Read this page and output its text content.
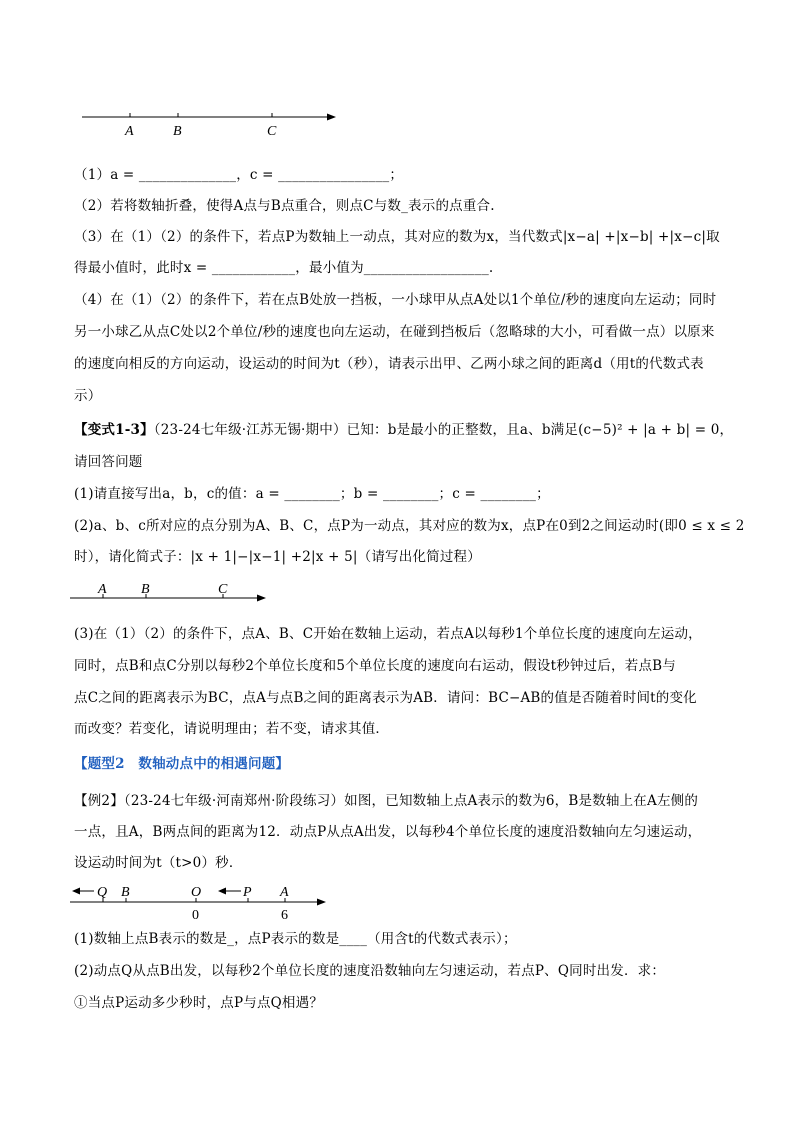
A	B	C
（1）a = ______________，c = ________________；
（2）若将数轴折叠，使得A点与B点重合，则点C与数_表示的点重合.
（3）在（1）（2）的条件下，若点P为数轴上一动点，其对应的数为x，当代数式|x−a| +|x−b| +|x−c|取
得最小值时，此时x = ____________，最小值为__________________.
（4）在（1）（2）的条件下，若在点B处放一挡板，一小球甲从点A处以1个单位/秒的速度向左运动；同时
另一小球乙从点C处以2个单位/秒的速度也向左运动，在碰到挡板后（忽略球的大小，可看做一点）以原来
的速度向相反的方向运动，设运动的时间为t（秒），请表示出甲、乙两小球之间的距离d（用t的代数式表
示）
【变式1-3】（23-24七年级·江苏无锡·期中）已知：b是最小的正整数，且a、b满足(c−5)² + |a + b| = 0，
请回答问题
(1)请直接写出a，b，c的值：a = ________；b = ________；c = ________；
(2)a、b、c所对应的点分别为A、B、C，点P为一动点，其对应的数为x，点P在0到2之间运动时(即0 ≤ x ≤ 2
时），请化简式子：|x + 1|−|x−1| +2|x + 5|（请写出化简过程）
A B	C
(3)在（1）（2）的条件下，点A、B、C开始在数轴上运动，若点A以每秒1个单位长度的速度向左运动，
同时，点B和点C分别以每秒2个单位长度和5个单位长度的速度向右运动，假设t秒钟过后，若点B与
点C之间的距离表示为BC，点A与点B之间的距离表示为AB．请问：BC−AB的值是否随着时间t的变化
而改变？若变化，请说明理由；若不变，请求其值．
【题型2　数轴动点中的相遇问题】
【例2】（23-24七年级·河南郑州·阶段练习）如图，已知数轴上点A表示的数为6，B是数轴上在A左侧的
一点，且A，B两点间的距离为12．动点P从点A出发，以每秒4个单位长度的速度沿数轴向左匀速运动，
设运动时间为t（t>0）秒．
Q B	O	P A
0	6
(1)数轴上点B表示的数是_，点P表示的数是____（用含t的代数式表示）；
(2)动点Q从点B出发，以每秒2个单位长度的速度沿数轴向左匀速运动，若点P、Q同时出发．求：
①当点P运动多少秒时，点P与点Q相遇？
